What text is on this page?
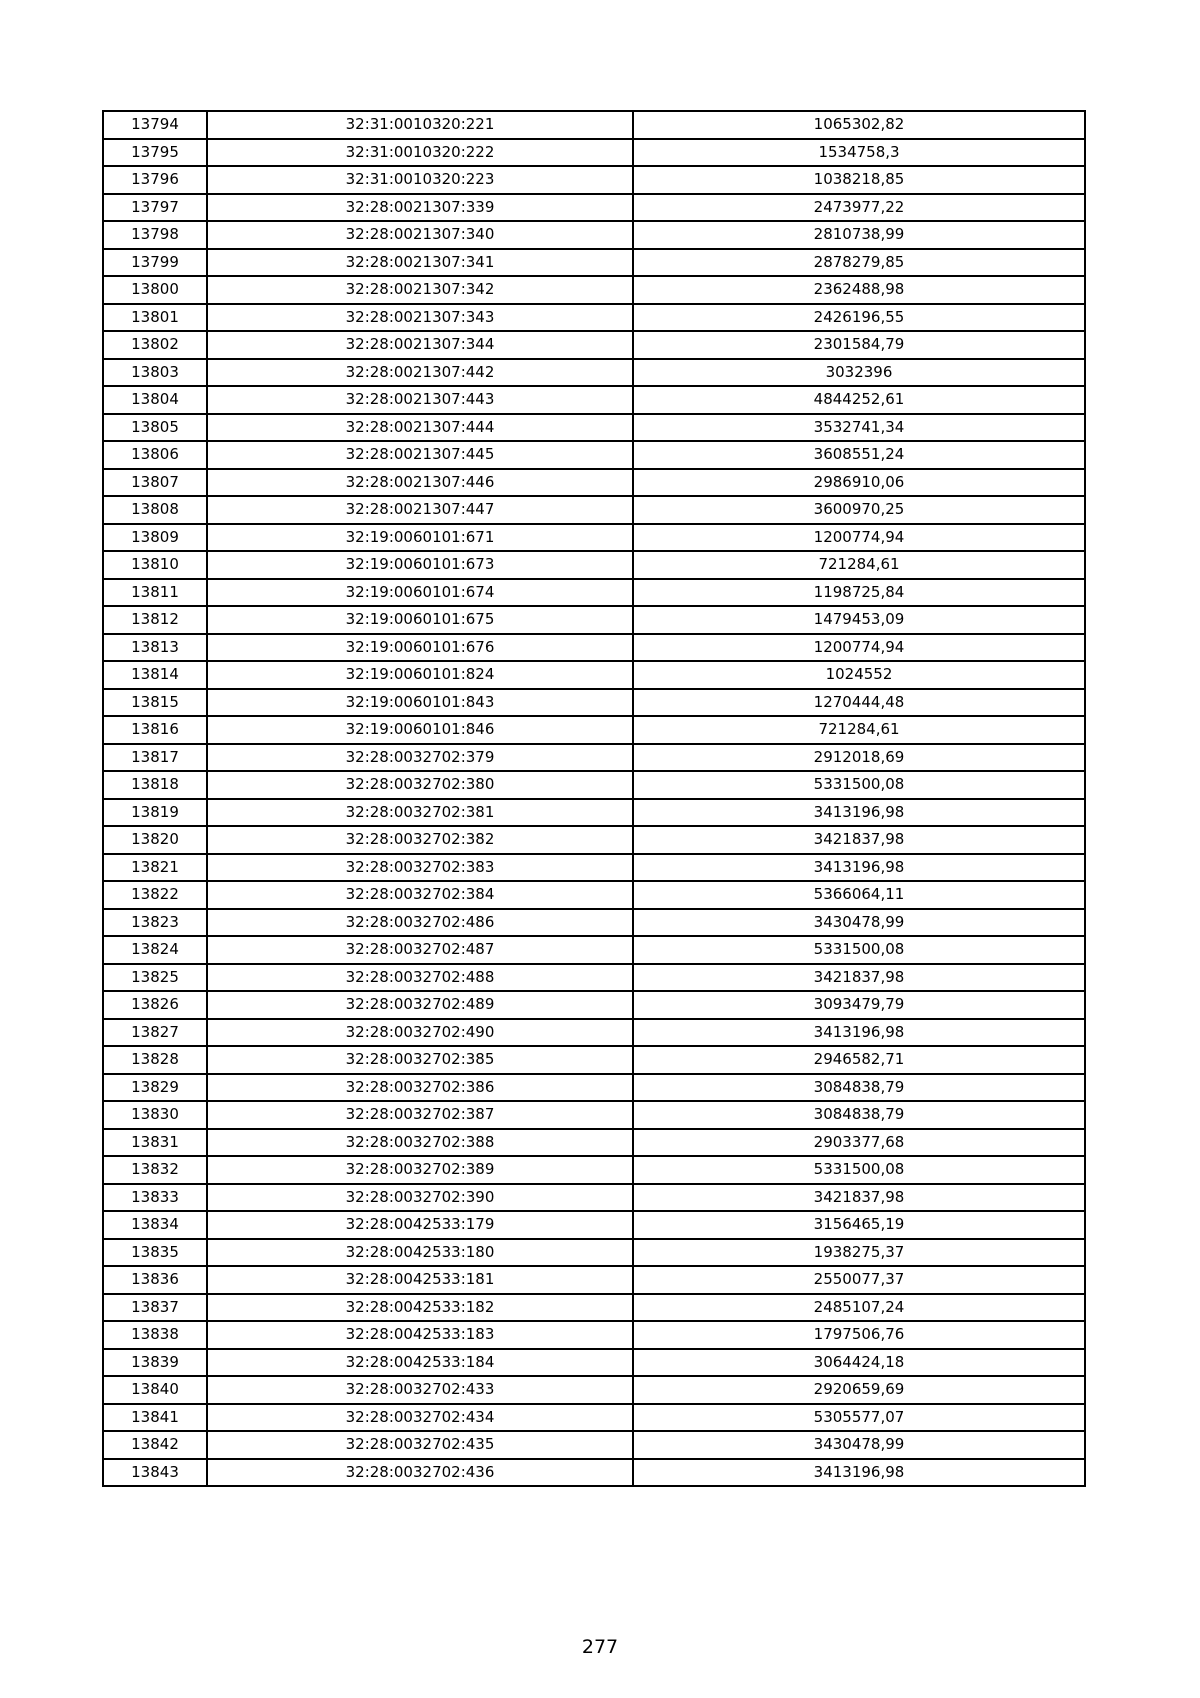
13794	32:31:0010320:221	1065302,82
13795	32:31:0010320:222	1534758,3
13796	32:31:0010320:223	1038218,85
13797	32:28:0021307:339	2473977,22
13798	32:28:0021307:340	2810738,99
13799	32:28:0021307:341	2878279,85
13800	32:28:0021307:342	2362488,98
13801	32:28:0021307:343	2426196,55
13802	32:28:0021307:344	2301584,79
13803	32:28:0021307:442	3032396
13804	32:28:0021307:443	4844252,61
13805	32:28:0021307:444	3532741,34
13806	32:28:0021307:445	3608551,24
13807	32:28:0021307:446	2986910,06
13808	32:28:0021307:447	3600970,25
13809	32:19:0060101:671	1200774,94
13810	32:19:0060101:673	721284,61
13811	32:19:0060101:674	1198725,84
13812	32:19:0060101:675	1479453,09
13813	32:19:0060101:676	1200774,94
13814	32:19:0060101:824	1024552
13815	32:19:0060101:843	1270444,48
13816	32:19:0060101:846	721284,61
13817	32:28:0032702:379	2912018,69
13818	32:28:0032702:380	5331500,08
13819	32:28:0032702:381	3413196,98
13820	32:28:0032702:382	3421837,98
13821	32:28:0032702:383	3413196,98
13822	32:28:0032702:384	5366064,11
13823	32:28:0032702:486	3430478,99
13824	32:28:0032702:487	5331500,08
13825	32:28:0032702:488	3421837,98
13826	32:28:0032702:489	3093479,79
13827	32:28:0032702:490	3413196,98
13828	32:28:0032702:385	2946582,71
13829	32:28:0032702:386	3084838,79
13830	32:28:0032702:387	3084838,79
13831	32:28:0032702:388	2903377,68
13832	32:28:0032702:389	5331500,08
13833	32:28:0032702:390	3421837,98
13834	32:28:0042533:179	3156465,19
13835	32:28:0042533:180	1938275,37
13836	32:28:0042533:181	2550077,37
13837	32:28:0042533:182	2485107,24
13838	32:28:0042533:183	1797506,76
13839	32:28:0042533:184	3064424,18
13840	32:28:0032702:433	2920659,69
13841	32:28:0032702:434	5305577,07
13842	32:28:0032702:435	3430478,99
13843	32:28:0032702:436	3413196,98
277
